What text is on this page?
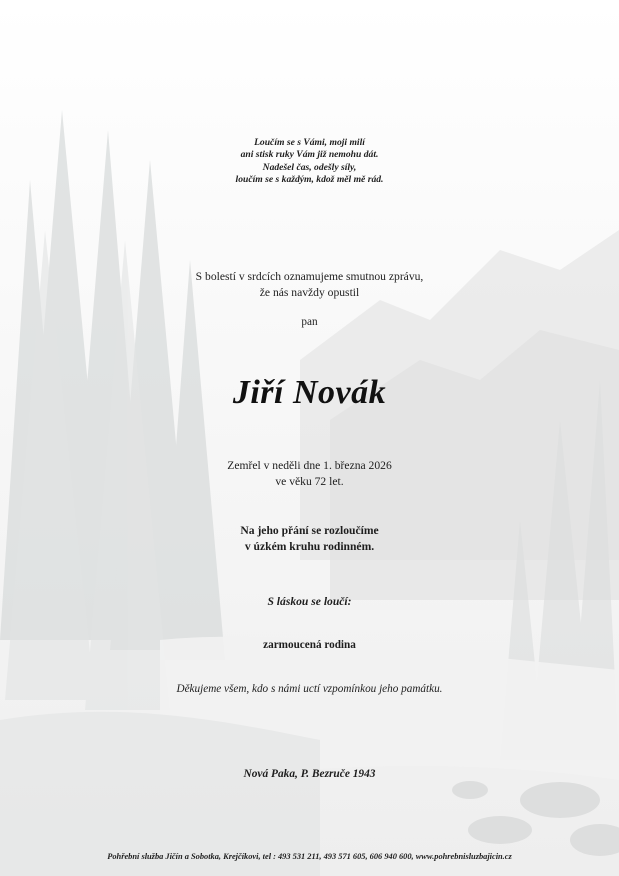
Loučím se s Vámi, moji milí
ani stisk ruky Vám již nemohu dát.
Nadešel čas, odešly síly,
loučím se s každým, kdož měl mě rád.
S bolestí v srdcích oznamujeme smutnou zprávu,
že nás navždy opustil
pan
Jiří Novák
Zemřel v neděli dne 1. března 2026
ve věku 72 let.
Na jeho přání se rozloučíme
v úzkém kruhu rodinném.
S láskou se loučí:
zarmoucená rodina
Děkujeme všem, kdo s námi uctí vzpomínkou jeho památku.
Nová Paka, P. Bezruče 1943
Pohřební služba Jičín a Sobotka, Krejčíkovi, tel : 493 531 211, 493 571 605, 606 940 600, www.pohrebnisluzbajicin.cz
